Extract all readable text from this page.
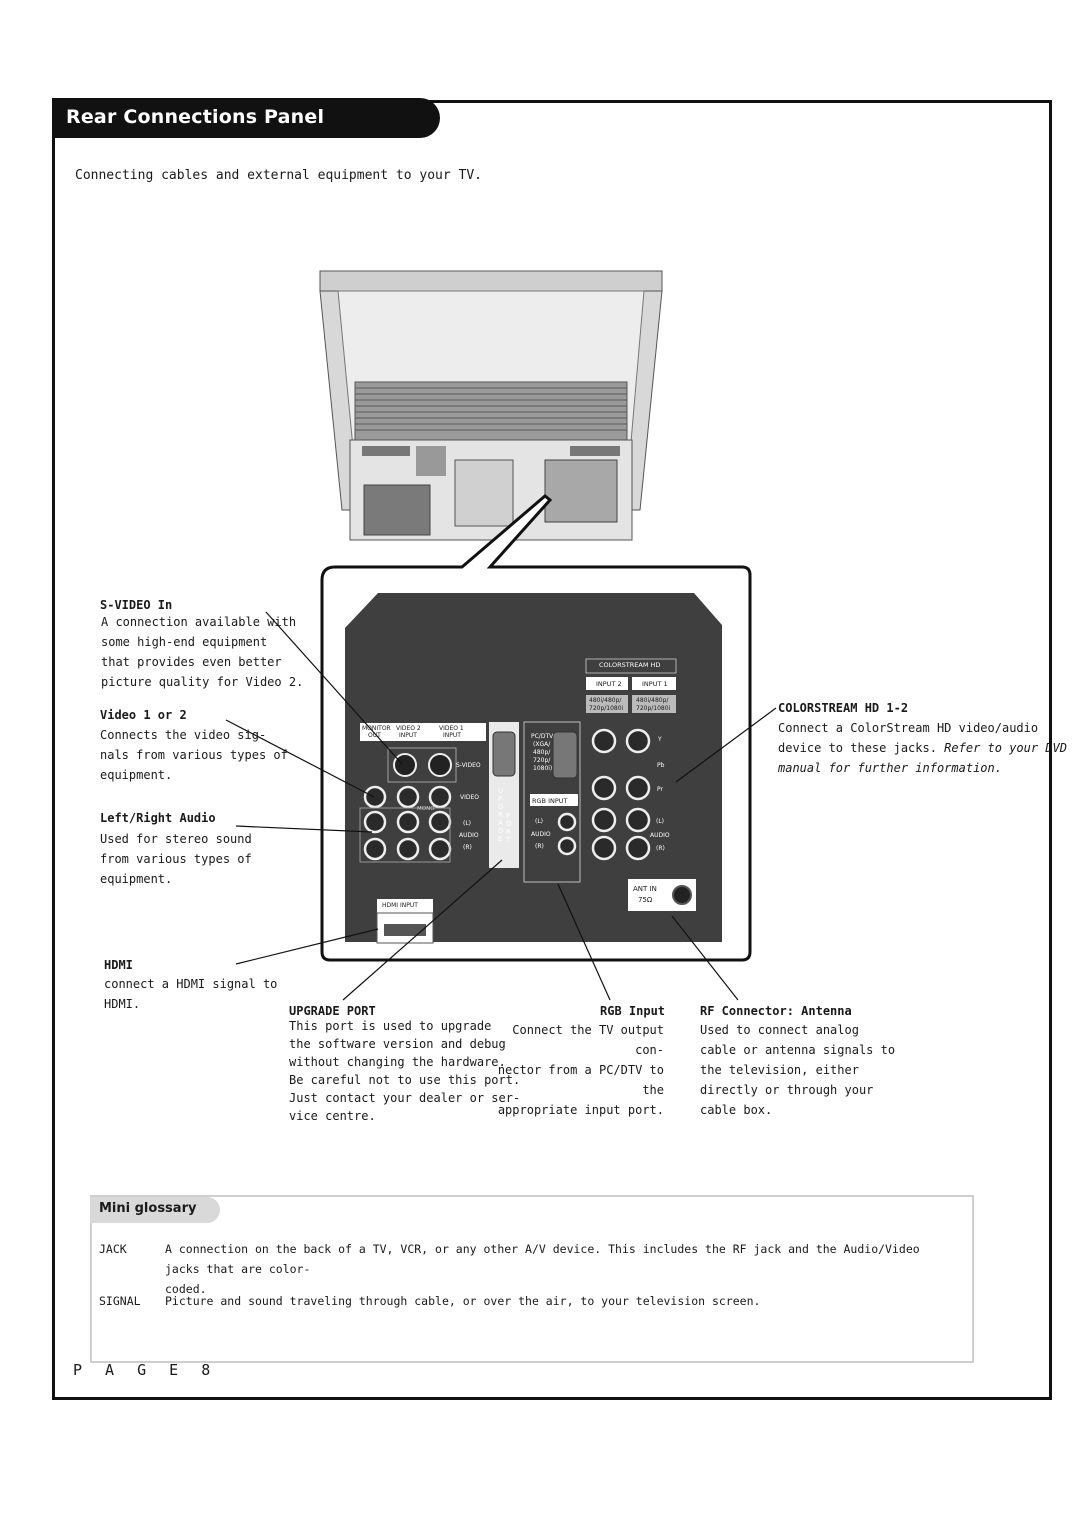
Rear Connections Panel
Connecting cables and external equipment to your TV.
COLORSTREAM HD
INPUT 2	INPUT 1
480i/480p/
720p/1080i
480i/480p/
720p/1080i
MONITOR
OUT
VIDEO 2
INPUT
VIDEO 1
INPUT
S-VIDEO
VIDEO
MONO
(L)
AUDIO
(R)
UPGRADE
PORT
PC/DTV
(XGA/
480p/
720p/
1080i)
RGB INPUT
(L)
AUDIO
(R)
Y
Pb
Pr
(L)
AUDIO
(R)
ANT IN
75Ω
HDMI INPUT
S-VIDEO In
A connection available with
some high-end equipment
that provides even better
picture quality for Video 2.
Video 1 or 2
Connects the video sig-
nals from various types of
equipment.
Left/Right Audio
Used for stereo sound
from various types of
equipment.
HDMI
connect a HDMI signal to
HDMI.	UPGRADE PORT
This port is used to upgrade
the software version and debug
without changing the hardware.
Be careful not to use this port.
Just contact your dealer or ser-
vice centre.
RGB Input
Connect the TV output con-
nector from a PC/DTV to the
appropriate input port.
RF Connector: Antenna
Used to connect analog
cable or antenna signals to
the television, either
directly or through your
cable box.
COLORSTREAM HD 1-2
Connect a ColorStream HD video/audio
device to these jacks. Refer to your DVD
manual for further information.
Mini glossary
JACK	A connection on the back of a TV, VCR, or any other A/V device. This includes the RF jack and the Audio/Video jacks that are color-
coded.
SIGNAL Picture and sound traveling through cable, or over the air, to your television screen.
P A G E 8
